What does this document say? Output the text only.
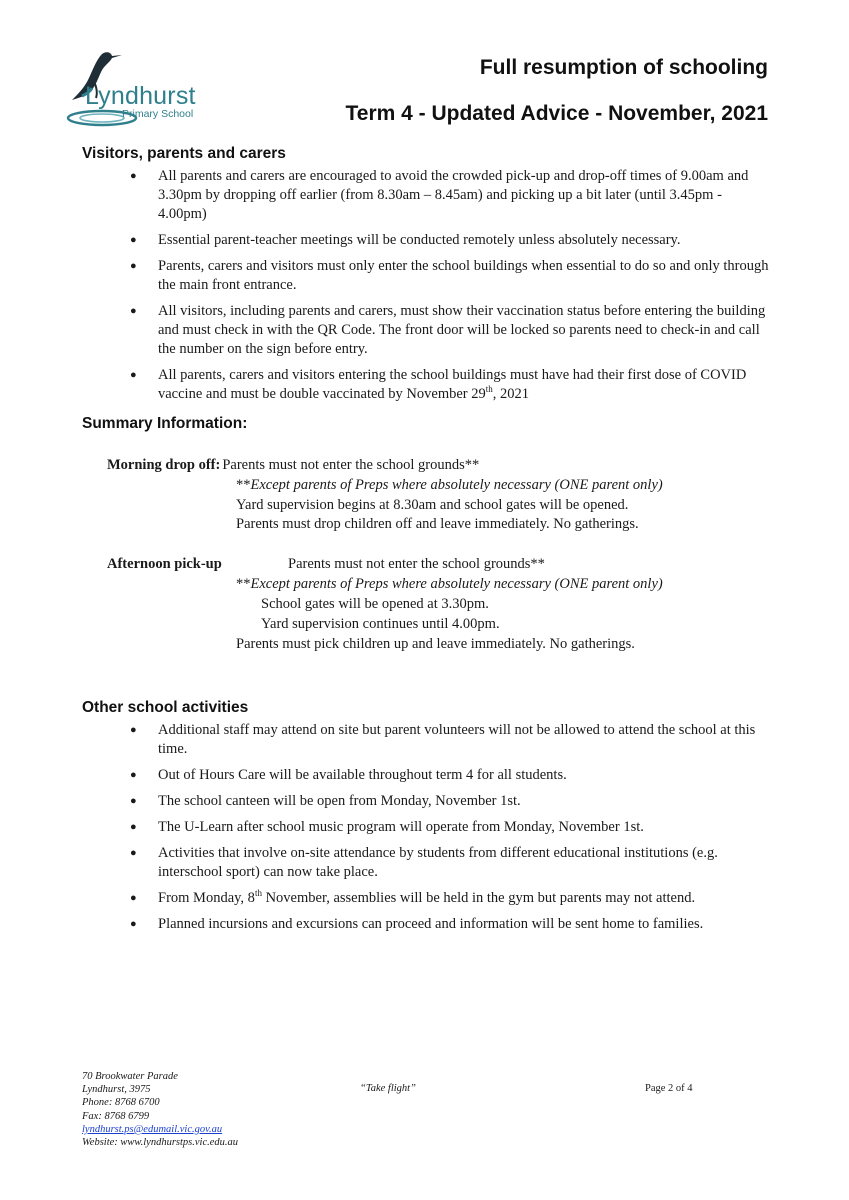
Lyndhurst
Primary School
Full resumption of schooling
Term 4 - Updated Advice - November, 2021
Visitors, parents and carers
● All parents and carers are encouraged to avoid the crowded pick-up and drop-off times of 9.00am and 3.30pm by dropping off earlier (from 8.30am – 8.45am) and picking up a bit later (until 3.45pm - 4.00pm)
● Essential parent-teacher meetings will be conducted remotely unless absolutely necessary.
● Parents, carers and visitors must only enter the school buildings when essential to do so and only through the main front entrance.
● All visitors, including parents and carers, must show their vaccination status before entering the building and must check in with the QR Code. The front door will be locked so parents need to check-in and call the number on the sign before entry.
● All parents, carers and visitors entering the school buildings must have had their first dose of COVID vaccine and must be double vaccinated by November 29th, 2021
Summary Information:
Morning drop off: Parents must not enter the school grounds**
**Except parents of Preps where absolutely necessary (ONE parent only)
Yard supervision begins at 8.30am and school gates will be opened.
Parents must drop children off and leave immediately. No gatherings.
Afternoon pick-up	Parents must not enter the school grounds**
**Except parents of Preps where absolutely necessary (ONE parent only)
School gates will be opened at 3.30pm.
Yard supervision continues until 4.00pm.
Parents must pick children up and leave immediately. No gatherings.
Other school activities
● Additional staff may attend on site but parent volunteers will not be allowed to attend the school at this time.
● Out of Hours Care will be available throughout term 4 for all students.
● The school canteen will be open from Monday, November 1st.
● The U-Learn after school music program will operate from Monday, November 1st.
● Activities that involve on-site attendance by students from different educational institutions (e.g. interschool sport) can now take place.
● From Monday, 8th November, assemblies will be held in the gym but parents may not attend.
● Planned incursions and excursions can proceed and information will be sent home to families.
70 Brookwater Parade
Lyndhurst, 3975
Phone: 8768 6700
Fax: 8768 6799
lyndhurst.ps@edumail.vic.gov.au
Website: www.lyndhurstps.vic.edu.au
“Take flight”	Page 2 of 4
